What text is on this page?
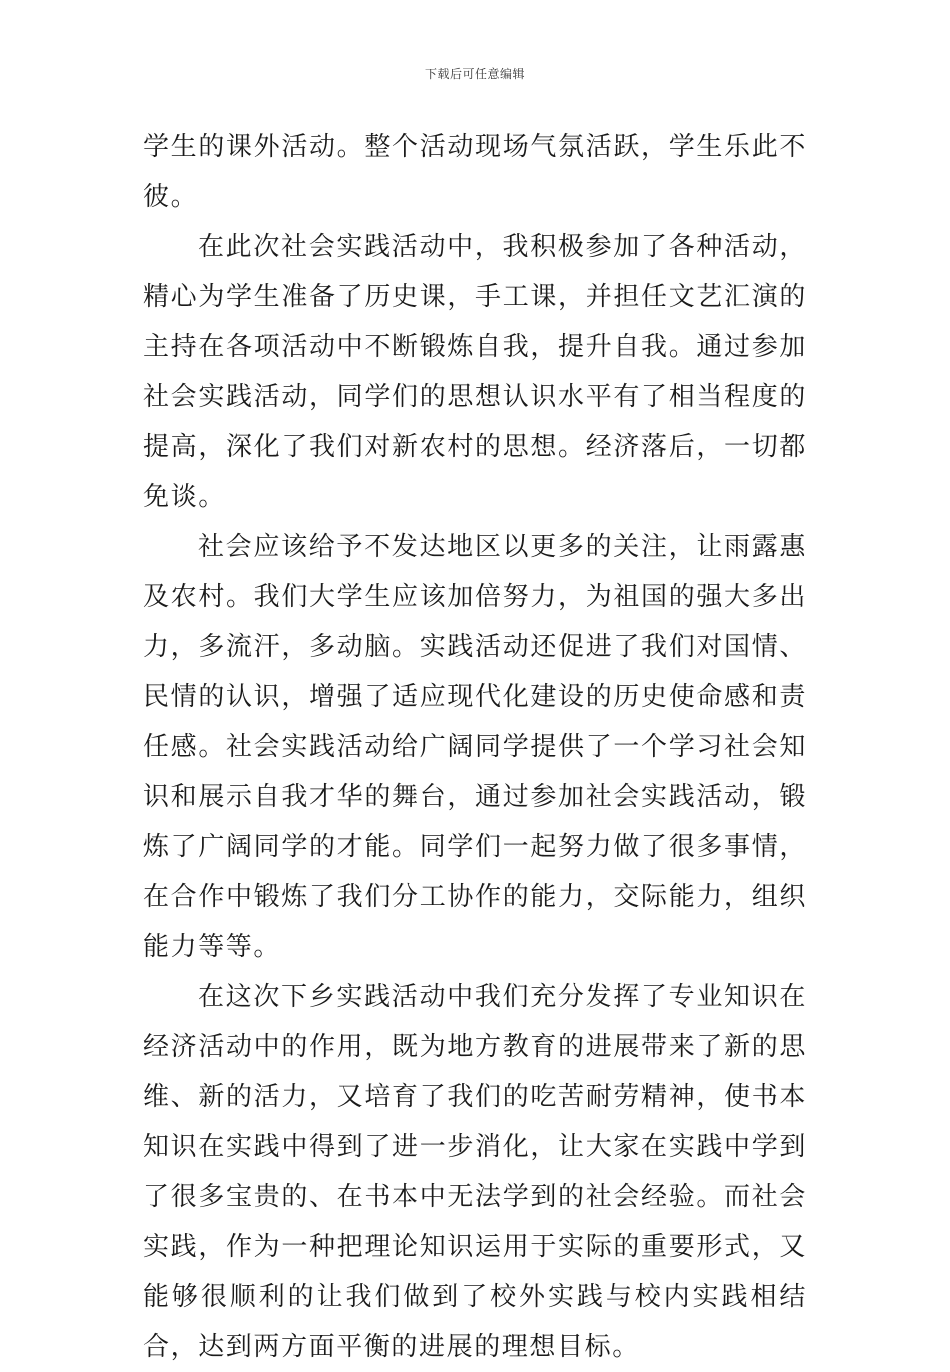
下载后可任意编辑

学生的课外活动。整个活动现场气氛活跃，学生乐此不彼。

在此次社会实践活动中，我积极参加了各种活动，精心为学生准备了历史课，手工课，并担任文艺汇演的主持在各项活动中不断锻炼自我，提升自我。通过参加社会实践活动，同学们的思想认识水平有了相当程度的提高，深化了我们对新农村的思想。经济落后，一切都免谈。

社会应该给予不发达地区以更多的关注，让雨露惠及农村。我们大学生应该加倍努力，为祖国的强大多出力，多流汗，多动脑。实践活动还促进了我们对国情、民情的认识，增强了适应现代化建设的历史使命感和责任感。社会实践活动给广阔同学提供了一个学习社会知识和展示自我才华的舞台，通过参加社会实践活动，锻炼了广阔同学的才能。同学们一起努力做了很多事情，在合作中锻炼了我们分工协作的能力，交际能力，组织能力等等。

在这次下乡实践活动中我们充分发挥了专业知识在经济活动中的作用，既为地方教育的进展带来了新的思维、新的活力，又培育了我们的吃苦耐劳精神，使书本知识在实践中得到了进一步消化，让大家在实践中学到了很多宝贵的、在书本中无法学到的社会经验。而社会实践，作为一种把理论知识运用于实际的重要形式，又能够很顺利的让我们做到了校外实践与校内实践相结合，达到两方面平衡的进展的理想目标。
